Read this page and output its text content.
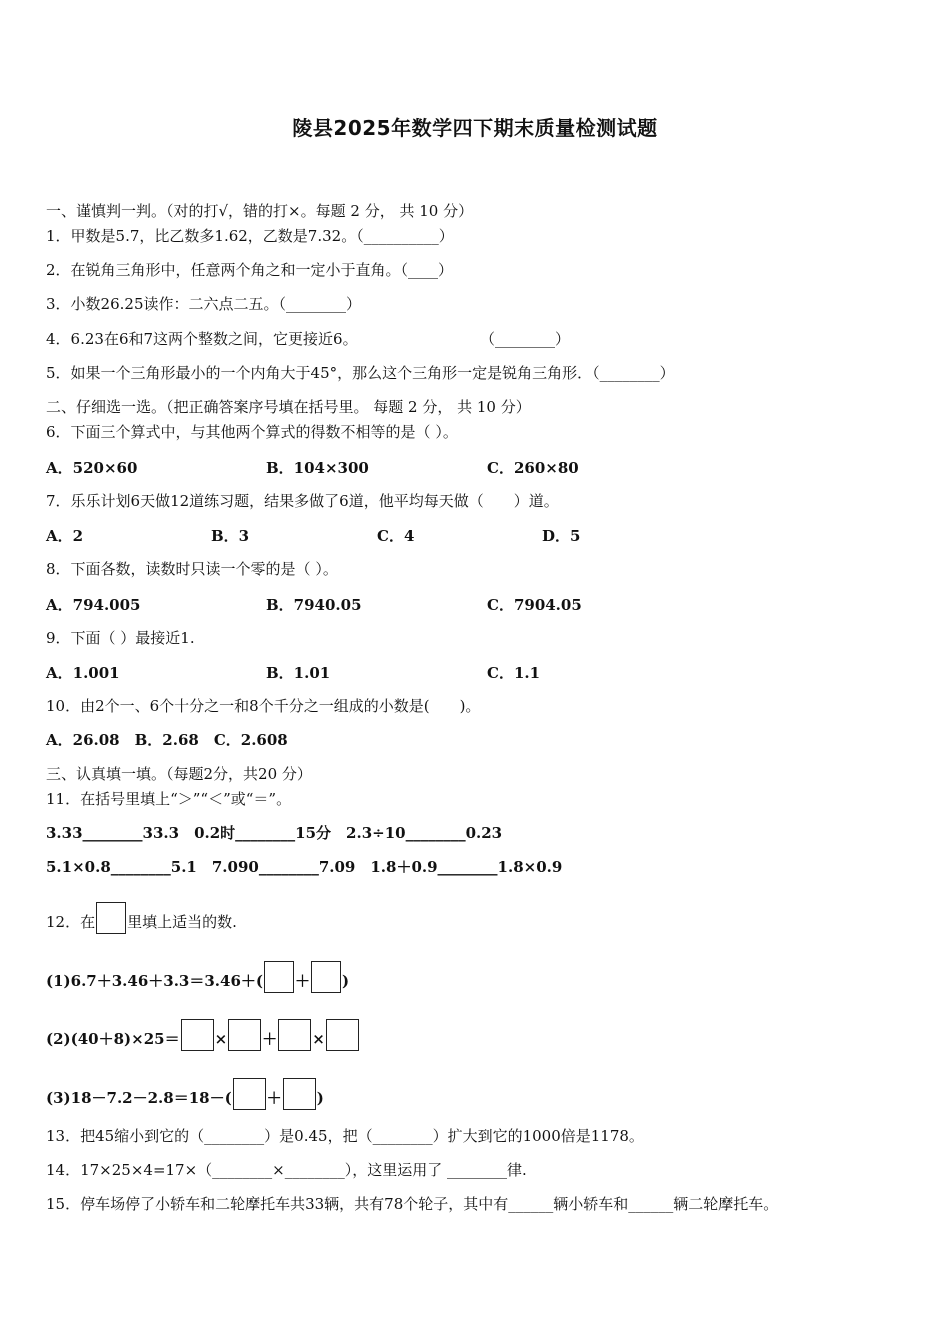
陵县2025年数学四下期末质量检测试题
一、谨慎判一判。（对的打√，错的打×。每题 2 分， 共 10 分）
1．甲数是5.7，比乙数多1.62，乙数是7.32。（__________）
2．在锐角三角形中，任意两个角之和一定小于直角。（____）
3．小数26.25读作：二六点二五。（________）
4．6.23在6和7这两个整数之间，它更接近6。	（________）
5．如果一个三角形最小的一个内角大于45°，那么这个三角形一定是锐角三角形．（________）
二、仔细选一选。（把正确答案序号填在括号里。 每题 2 分， 共 10 分）
6．下面三个算式中，与其他两个算式的得数不相等的是（ ）。
A．520×60	B．104×300	C．260×80
7．乐乐计划6天做12道练习题，结果多做了6道，他平均每天做（　　）道。
A．2	B．3	C．4	D．5
8．下面各数，读数时只读一个零的是（ ）。
A．794.005	B．7940.05	C．7904.05
9．下面（ ）最接近1.
A．1.001	B．1.01	C．1.1
10．由2个一、6个十分之一和8个千分之一组成的小数是(　　)。
A．26.08　B．2.68　C．2.608
三、认真填一填。（每题2分，共20 分）
11．在括号里填上“＞”“＜”或“＝”。
3.33________33.3　0.2时________15分　2.3÷10________0.23
5.1×0.8________5.1　7.090________7.09　1.8＋0.9________1.8×0.9
12．在 里填上适当的数.
(1)6.7＋3.46＋3.3＝3.46＋( ＋ )
(2)(40＋8)×25＝ × ＋ ×
(3)18－7.2－2.8＝18－( ＋ )
13．把45缩小到它的（________）是0.45，把（________）扩大到它的1000倍是1178。
14．17×25×4=17×（________×________），这里运用了 ________律.
15．停车场停了小轿车和二轮摩托车共33辆，共有78个轮子，其中有______辆小轿车和______辆二轮摩托车。
